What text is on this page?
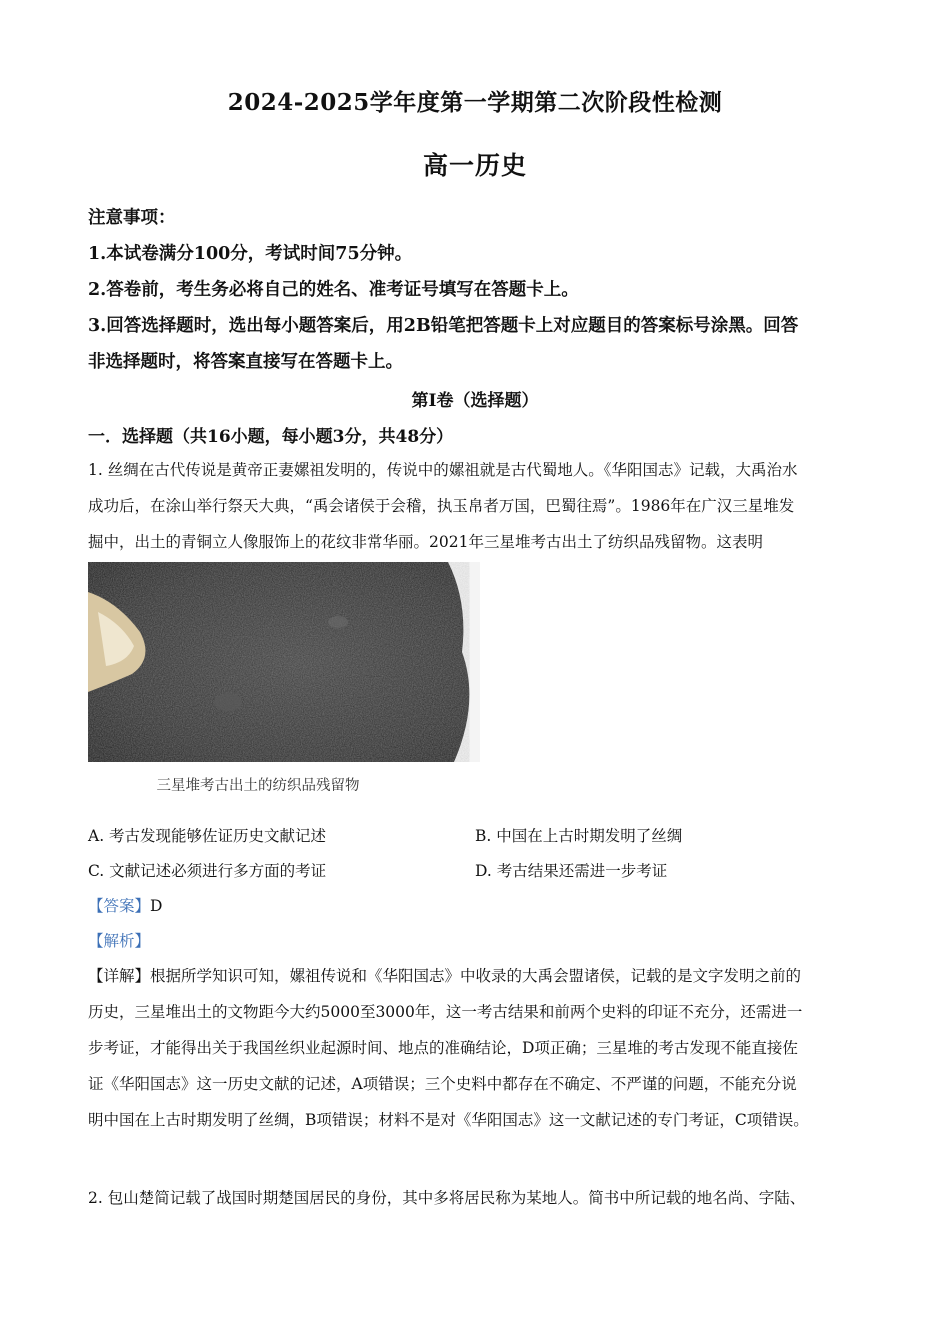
2024-2025学年度第一学期第二次阶段性检测
高一历史
注意事项：
1.本试卷满分100分，考试时间75分钟。
2.答卷前，考生务必将自己的姓名、准考证号填写在答题卡上。
3.回答选择题时，选出每小题答案后，用2B铅笔把答题卡上对应题目的答案标号涂黑。回答
非选择题时，将答案直接写在答题卡上。
第Ⅰ卷（选择题）
一．选择题（共16小题，每小题3分，共48分）
1. 丝绸在古代传说是黄帝正妻嫘祖发明的，传说中的嫘祖就是古代蜀地人。《华阳国志》记载，大禹治水
成功后，在涂山举行祭天大典，“禹会诸侯于会稽，执玉帛者万国，巴蜀往焉”。1986年在广汉三星堆发
掘中，出土的青铜立人像服饰上的花纹非常华丽。2021年三星堆考古出土了纺织品残留物。这表明
三星堆考古出土的纺织品残留物
A. 考古发现能够佐证历史文献记述	B. 中国在上古时期发明了丝绸
C. 文献记述必须进行多方面的考证	D. 考古结果还需进一步考证
【答案】D
【解析】
【详解】根据所学知识可知，嫘祖传说和《华阳国志》中收录的大禹会盟诸侯，记载的是文字发明之前的
历史，三星堆出土的文物距今大约5000至3000年，这一考古结果和前两个史料的印证不充分，还需进一
步考证，才能得出关于我国丝织业起源时间、地点的准确结论，D项正确；三星堆的考古发现不能直接佐
证《华阳国志》这一历史文献的记述，A项错误；三个史料中都存在不确定、不严谨的问题，不能充分说
明中国在上古时期发明了丝绸，B项错误；材料不是对《华阳国志》这一文献记述的专门考证，C项错误。
2. 包山楚简记载了战国时期楚国居民的身份，其中多将居民称为某地人。简书中所记载的地名尚、字陆、
